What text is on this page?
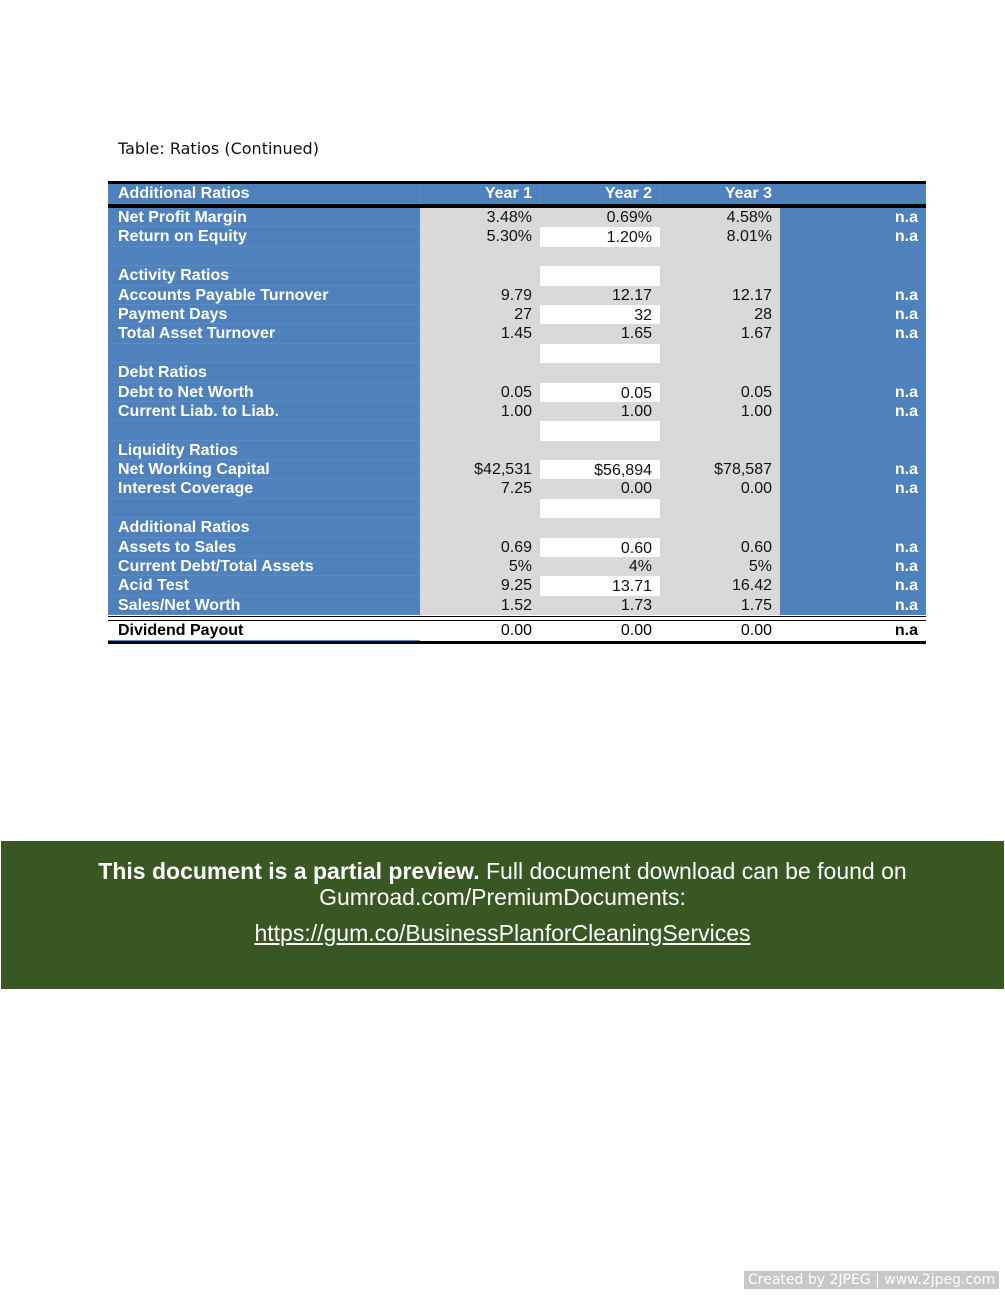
Table: Ratios (Continued)
Additional Ratios	Year 1	Year 2	Year 3
Net Profit Margin	3.48%	0.69%	4.58%	n.a
Return on Equity	5.30%	1.20%	8.01%	n.a
Activity Ratios
Accounts Payable Turnover	9.79	12.17	12.17	n.a
Payment Days	27	32	28	n.a
Total Asset Turnover	1.45	1.65	1.67	n.a
Debt Ratios
Debt to Net Worth	0.05	0.05	0.05	n.a
Current Liab. to Liab.	1.00	1.00	1.00	n.a
Liquidity Ratios
Net Working Capital	$42,531	$56,894	$78,587	n.a
Interest Coverage	7.25	0.00	0.00	n.a
Additional Ratios
Assets to Sales	0.69	0.60	0.60	n.a
Current Debt/Total Assets	5%	4%	5%	n.a
Acid Test	9.25	13.71	16.42	n.a
Sales/Net Worth	1.52	1.73	1.75	n.a
Dividend Payout	0.00	0.00	0.00	n.a
This document is a partial preview. Full document download can be found on
Gumroad.com/PremiumDocuments:
https://gum.co/BusinessPlanforCleaningServices
Created by 2JPEG | www.2jpeg.com
